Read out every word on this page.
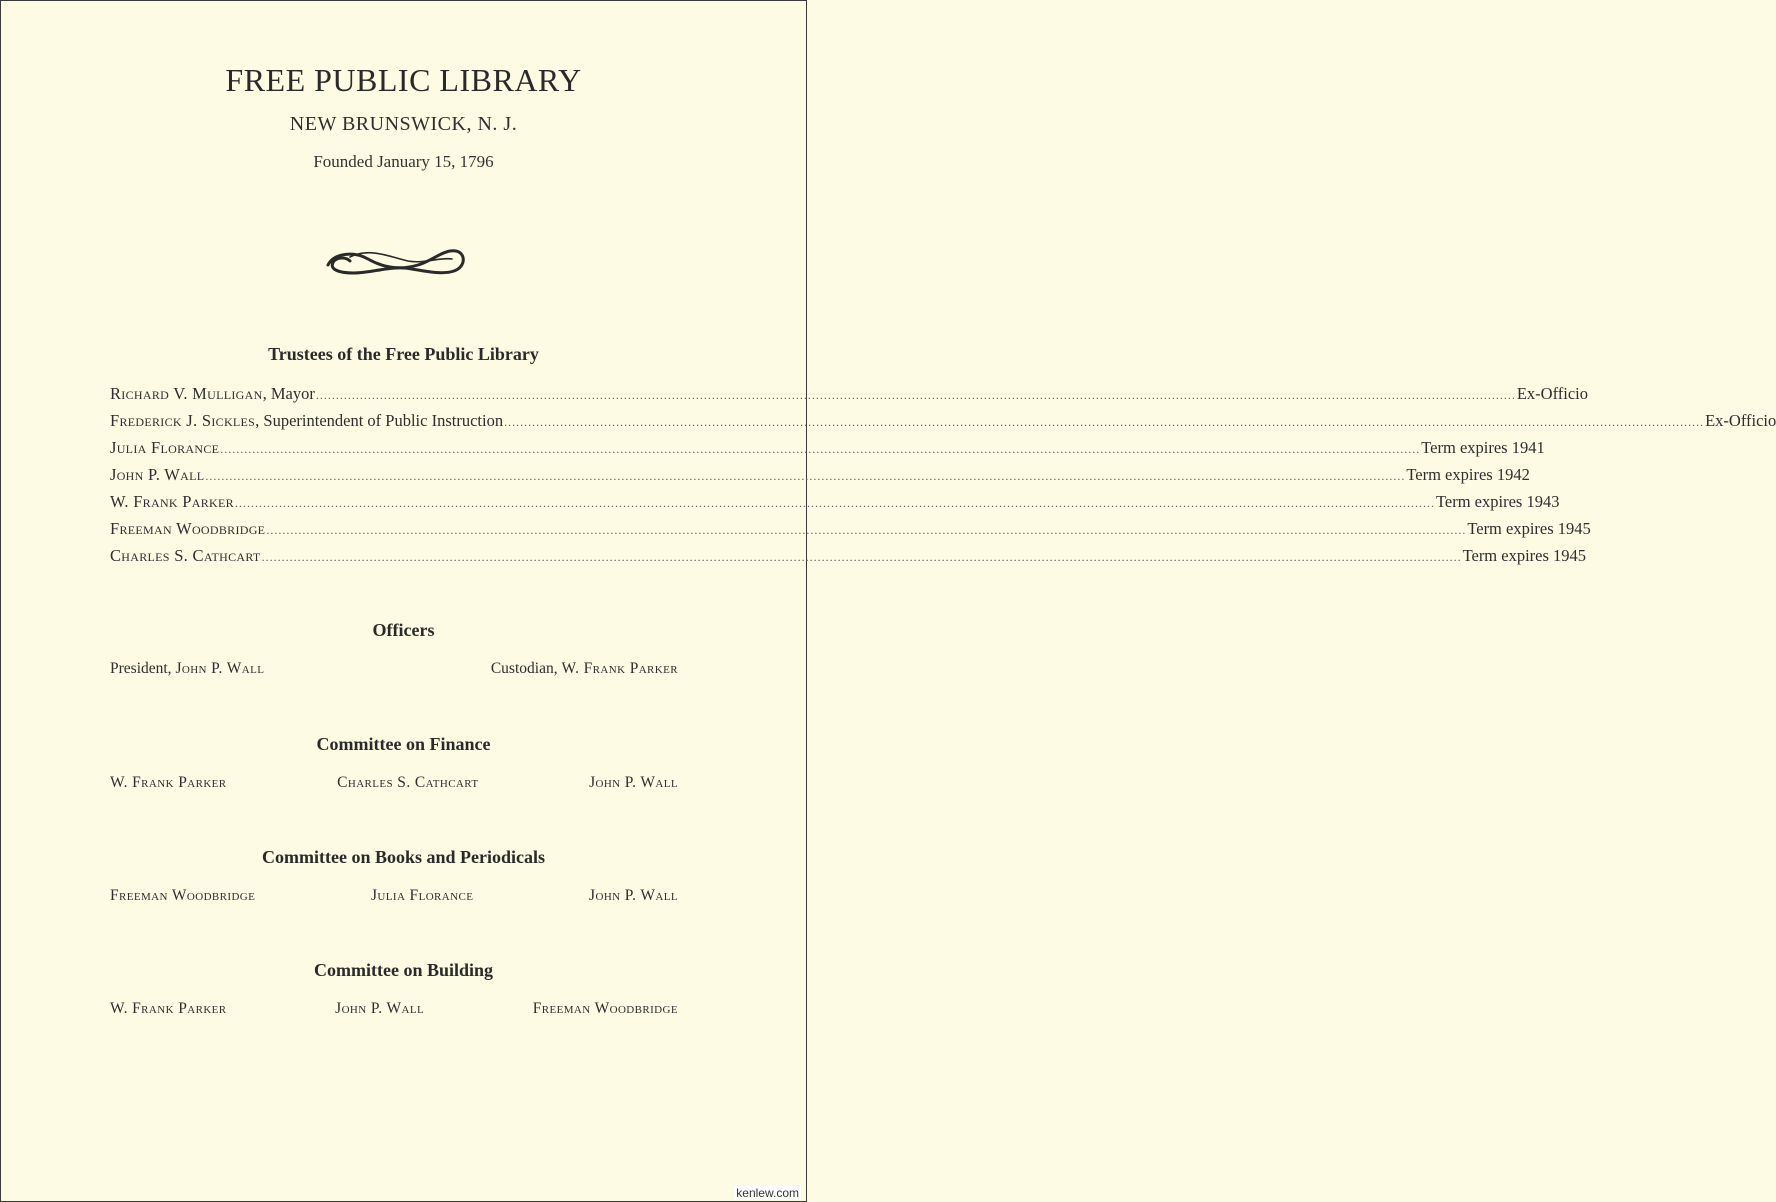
FREE PUBLIC LIBRARY
NEW BRUNSWICK, N. J.
Founded January 15, 1796
Trustees of the Free Public Library
Richard V. Mulligan, Mayor ............................................................................................................................................................................................................................................................................................................ Ex-Officio
Frederick J. Sickles, Superintendent of Public Instruction ............................................................................................................................................................................................................................................................................................................ Ex-Officio
Julia Florance ............................................................................................................................................................................................................................................................................................................ Term expires 1941
John P. Wall ............................................................................................................................................................................................................................................................................................................ Term expires 1942
W. Frank Parker ............................................................................................................................................................................................................................................................................................................ Term expires 1943
Freeman Woodbridge ............................................................................................................................................................................................................................................................................................................ Term expires 1945
Charles S. Cathcart ............................................................................................................................................................................................................................................................................................................ Term expires 1945
Officers
President, John P. Wall	Custodian, W. Frank Parker
Committee on Finance
W. Frank Parker	Charles S. Cathcart	John P. Wall
Committee on Books and Periodicals
Freeman Woodbridge	Julia Florance	John P. Wall
Committee on Building
W. Frank Parker	John P. Wall	Freeman Woodbridge
kenlew.com
